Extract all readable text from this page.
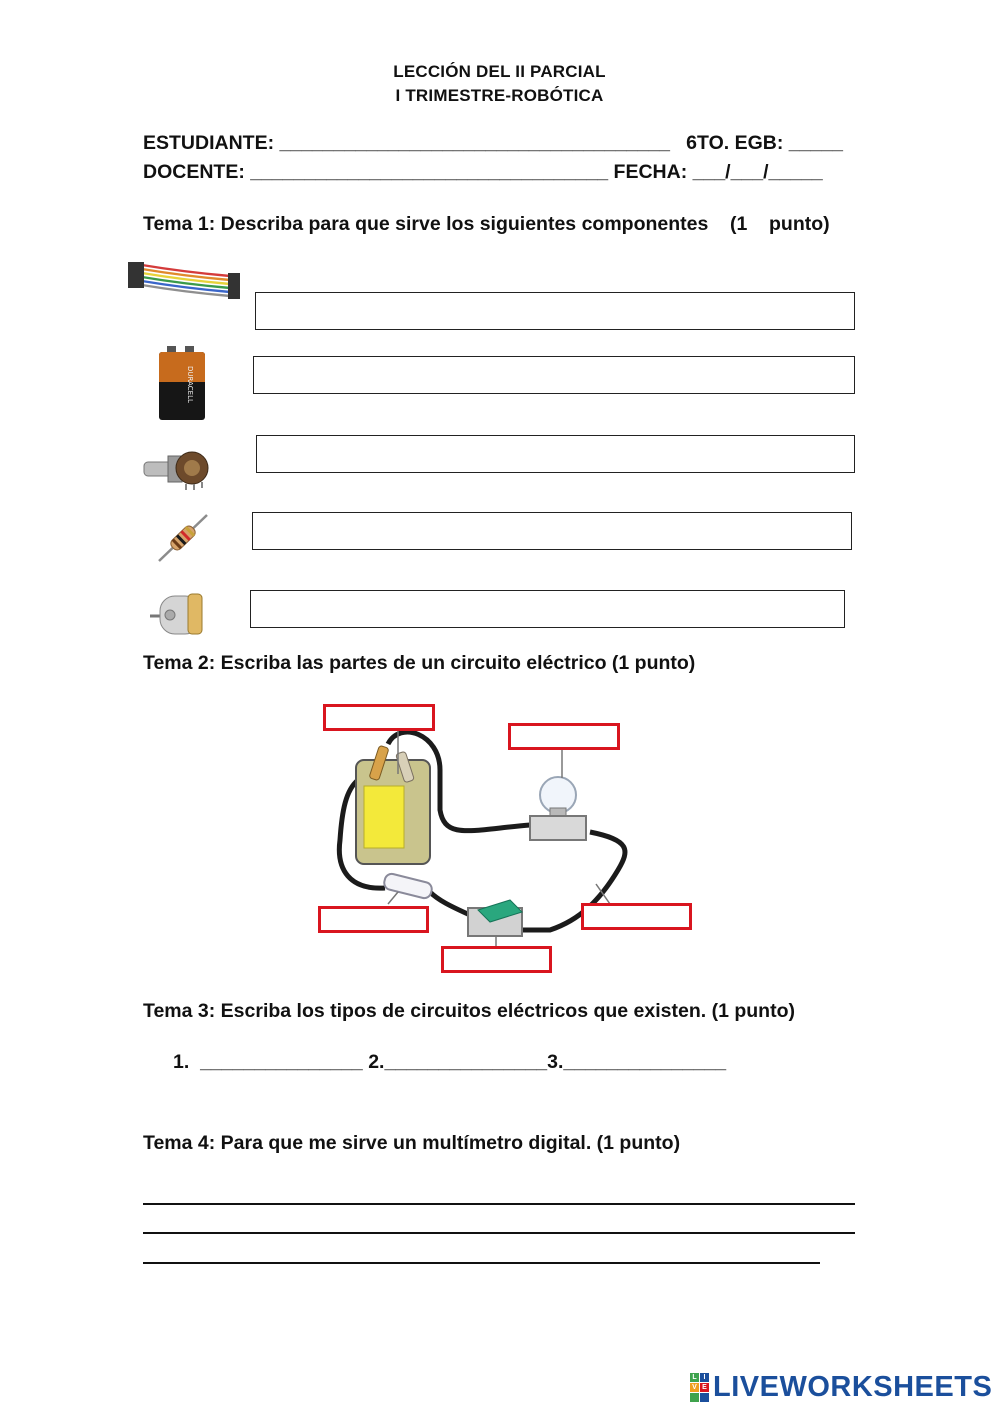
LECCIÓN DEL II PARCIAL
I TRIMESTRE-ROBÓTICA
ESTUDIANTE: ____________________________________   6TO. EGB: _____
DOCENTE: _________________________________ FECHA: ___/___/_____
Tema 1: Describa para que sirve los siguientes componentes    (1    punto)
DURACELL
Tema 2: Escriba las partes de un circuito eléctrico (1 punto)
Tema 3: Escriba los tipos de circuitos eléctricos que existen. (1 punto)
1.  _______________ 2._______________3._______________
Tema 4: Para que me sirve un multímetro digital. (1 punto)
L I
V E LIVEWORKSHEETS
